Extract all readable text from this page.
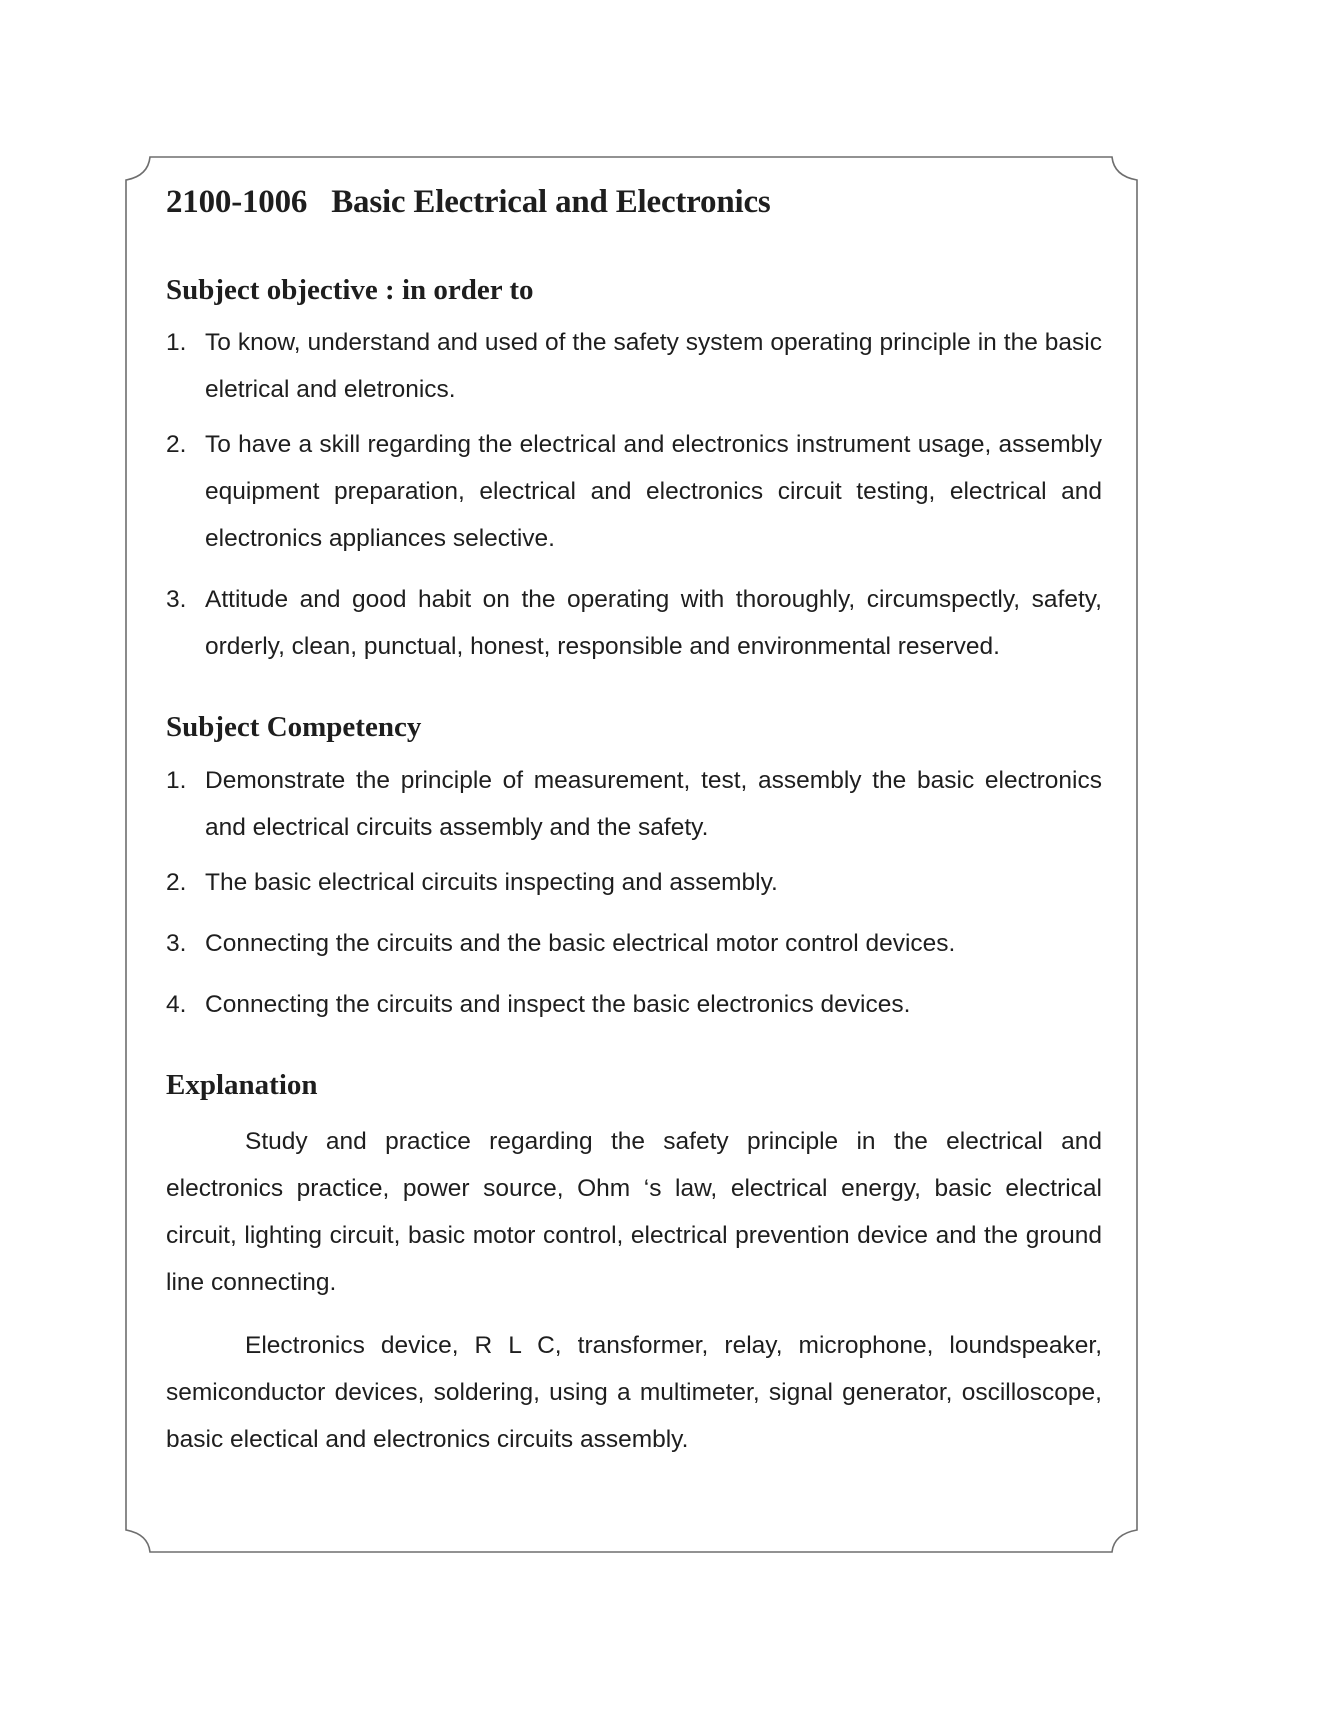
2100-1006 Basic Electrical and Electronics
Subject objective : in order to
1. To know, understand and used of the safety system operating principle in the basic eletrical and eletronics.
2. To have a skill regarding the electrical and electronics instrument usage, assembly equipment preparation, electrical and electronics circuit testing, electrical and electronics appliances selective.
3. Attitude and good habit on the operating with thoroughly, circumspectly, safety, orderly, clean, punctual, honest, responsible and environmental reserved.
Subject Competency
1. Demonstrate the principle of measurement, test, assembly the basic electronics and electrical circuits assembly and the safety.
2. The basic electrical circuits inspecting and assembly.
3. Connecting the circuits and the basic electrical motor control devices.
4. Connecting the circuits and inspect the basic electronics devices.
Explanation

Study and practice regarding the safety principle in the electrical and electronics practice, power source, Ohm ‘s law, electrical energy, basic electrical circuit, lighting circuit, basic motor control, electrical prevention device and the ground line connecting.

Electronics device, R L C, transformer, relay, microphone, loundspeaker, semiconductor devices, soldering, using a multimeter, signal generator, oscilloscope, basic electical and electronics circuits assembly.
